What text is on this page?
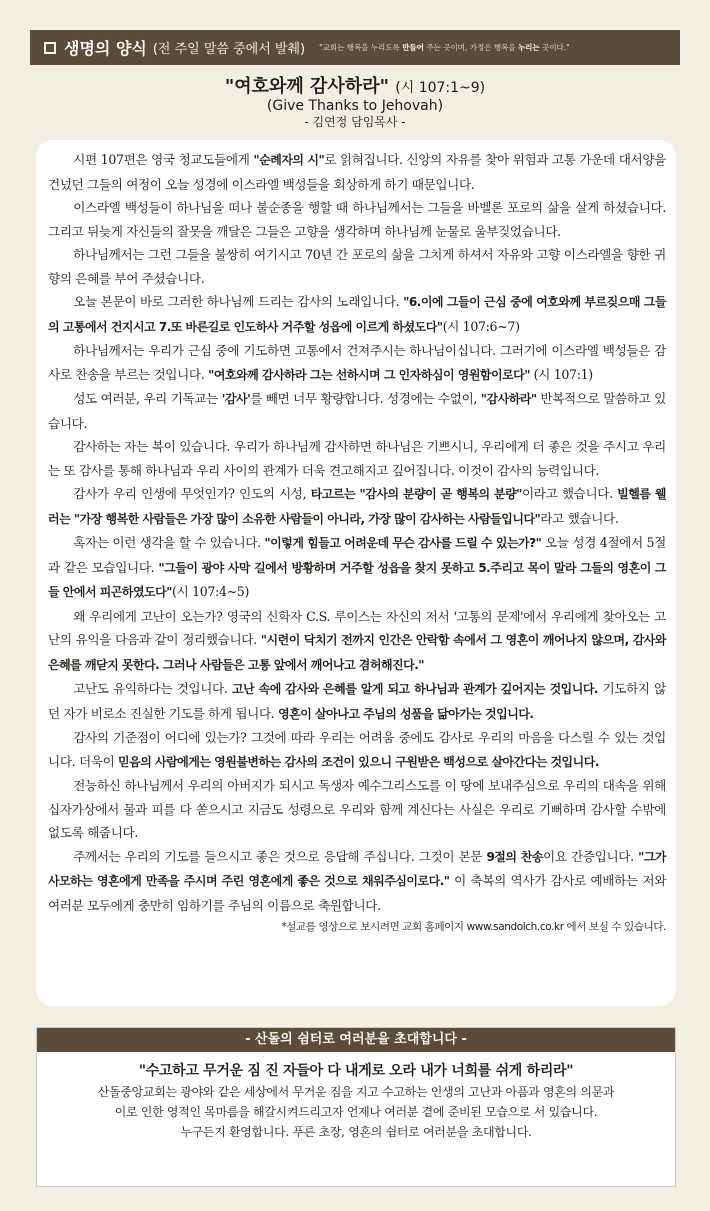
생명의 양식 (전 주일 말씀 중에서 발췌) "교회는 행복을 누리도록 만들어 주는 곳이며, 가정은 행복을 누리는 곳이다."
"여호와께 감사하라" (시 107:1~9)
(Give Thanks to Jehovah)
- 김연정 담임목사 -

시편 107편은 영국 청교도들에게 "순례자의 시"로 읽혀집니다. 신앙의 자유를 찾아 위험과 고통 가운데 대서양을 건넜던 그들의 여정이 오늘 성경에 이스라엘 백성들을 회상하게 하기 때문입니다.

이스라엘 백성들이 하나님을 떠나 불순종을 행할 때 하나님께서는 그들을 바벨론 포로의 삶을 살게 하셨습니다. 그리고 뒤늦게 자신들의 잘못을 깨달은 그들은 고향을 생각하며 하나님께 눈물로 울부짖었습니다.

하나님께서는 그런 그들을 불쌍히 여기시고 70년 간 포로의 삶을 그치게 하셔서 자유와 고향 이스라엘을 향한 귀향의 은혜를 부어 주셨습니다.

오늘 본문이 바로 그러한 하나님께 드리는 감사의 노래입니다. "6.이에 그들이 근심 중에 여호와께 부르짖으매 그들의 고통에서 건지시고 7.또 바른길로 인도하사 거주할 성읍에 이르게 하셨도다"(시 107:6~7)

하나님께서는 우리가 근심 중에 기도하면 고통에서 건져주시는 하나님이십니다. 그러기에 이스라엘 백성들은 감사로 찬송을 부르는 것입니다. "여호와께 감사하라 그는 선하시며 그 인자하심이 영원함이로다" (시 107:1)

성도 여러분, 우리 기독교는 '감사'를 빼면 너무 황량합니다. 성경에는 수없이, "감사하라" 반복적으로 말씀하고 있습니다.

감사하는 자는 복이 있습니다. 우리가 하나님께 감사하면 하나님은 기쁘시니, 우리에게 더 좋은 것을 주시고 우리는 또 감사를 통해 하나님과 우리 사이의 관계가 더욱 견고해지고 깊어집니다. 이것이 감사의 능력입니다.

감사가 우리 인생에 무엇인가? 인도의 시성, 타고르는 "감사의 분량이 곧 행복의 분량"이라고 했습니다. 빌헬름 웰러는 "가장 행복한 사람들은 가장 많이 소유한 사람들이 아니라, 가장 많이 감사하는 사람들입니다"라고 했습니다.

혹자는 이런 생각을 할 수 있습니다. "이렇게 힘들고 어려운데 무슨 감사를 드릴 수 있는가?" 오늘 성경 4절에서 5절과 같은 모습입니다. "그들이 광야 사막 길에서 방황하며 거주할 성읍을 찾지 못하고 5.주리고 목이 말라 그들의 영혼이 그들 안에서 피곤하였도다"(시 107:4~5)

왜 우리에게 고난이 오는가? 영국의 신학자 C.S. 루이스는 자신의 저서 '고통의 문제'에서 우리에게 찾아오는 고난의 유익을 다음과 같이 정리했습니다. "시련이 닥치기 전까지 인간은 안락함 속에서 그 영혼이 깨어나지 않으며, 감사와 은혜를 깨닫지 못한다. 그러나 사람들은 고통 앞에서 깨어나고 겸허해진다."

고난도 유익하다는 것입니다. 고난 속에 감사와 은혜를 알게 되고 하나님과 관계가 깊어지는 것입니다. 기도하지 않던 자가 비로소 진실한 기도를 하게 됩니다. 영혼이 살아나고 주님의 성품을 닮아가는 것입니다.

감사의 기준점이 어디에 있는가? 그것에 따라 우리는 어려움 중에도 감사로 우리의 마음을 다스릴 수 있는 것입니다. 더욱이 믿음의 사람에게는 영원불변하는 감사의 조건이 있으니 구원받은 백성으로 살아간다는 것입니다.

전능하신 하나님께서 우리의 아버지가 되시고 독생자 예수그리스도를 이 땅에 보내주심으로 우리의 대속을 위해 십자가상에서 물과 피를 다 쏟으시고 지금도 성령으로 우리와 함께 계신다는 사실은 우리로 기뻐하며 감사할 수밖에 없도록 해줍니다.

주께서는 우리의 기도를 들으시고 좋은 것으로 응답해 주십니다. 그것이 본문 9절의 찬송이요 간증입니다. "그가 사모하는 영혼에게 만족을 주시며 주린 영혼에게 좋은 것으로 채워주심이로다." 이 축복의 역사가 감사로 예배하는 저와 여러분 모두에게 충만히 임하기를 주님의 이름으로 축원합니다.

*설교를 영상으로 보시려면 교회 홈페이지 www.sandolch.co.kr 에서 보실 수 있습니다.
- 산돌의 쉼터로 여러분을 초대합니다 -
"수고하고 무거운 짐 진 자들아 다 내게로 오라 내가 너희를 쉬게 하리라"
산돌중앙교회는 광야와 같은 세상에서 무거운 짐을 지고 수고하는 인생의 고난과 아픔과 영혼의 의문과
이로 인한 영적인 목마름을 해갈시켜드리고자 언제나 여러분 곁에 준비된 모습으로 서 있습니다.
누구든지 환영합니다. 푸른 초장, 영혼의 쉼터로 여러분을 초대합니다.
